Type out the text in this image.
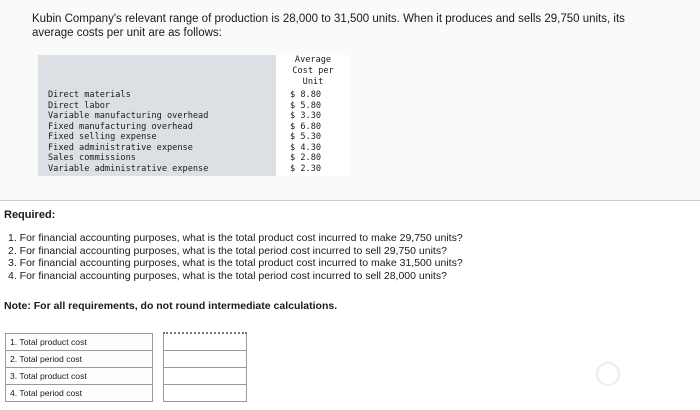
Kubin Company's relevant range of production is 28,000 to 31,500 units. When it produces and sells 29,750 units, its average costs per unit are as follows:

	Average
Cost per
Unit

Direct materials	$ 8.80
Direct labor	$ 5.80
Variable manufacturing overhead	$ 3.30
Fixed manufacturing overhead	$ 6.80
Fixed selling expense	$ 5.30
Fixed administrative expense	$ 4.30
Sales commissions	$ 2.80
Variable administrative expense	$ 2.30

Required:
1. For financial accounting purposes, what is the total product cost incurred to make 29,750 units?
2. For financial accounting purposes, what is the total period cost incurred to sell 29,750 units?
3. For financial accounting purposes, what is the total product cost incurred to make 31,500 units?
4. For financial accounting purposes, what is the total period cost incurred to sell 28,000 units?
Note: For all requirements, do not round intermediate calculations.
1. Total product cost		
2. Total period cost		
3. Total product cost		
4. Total period cost		
